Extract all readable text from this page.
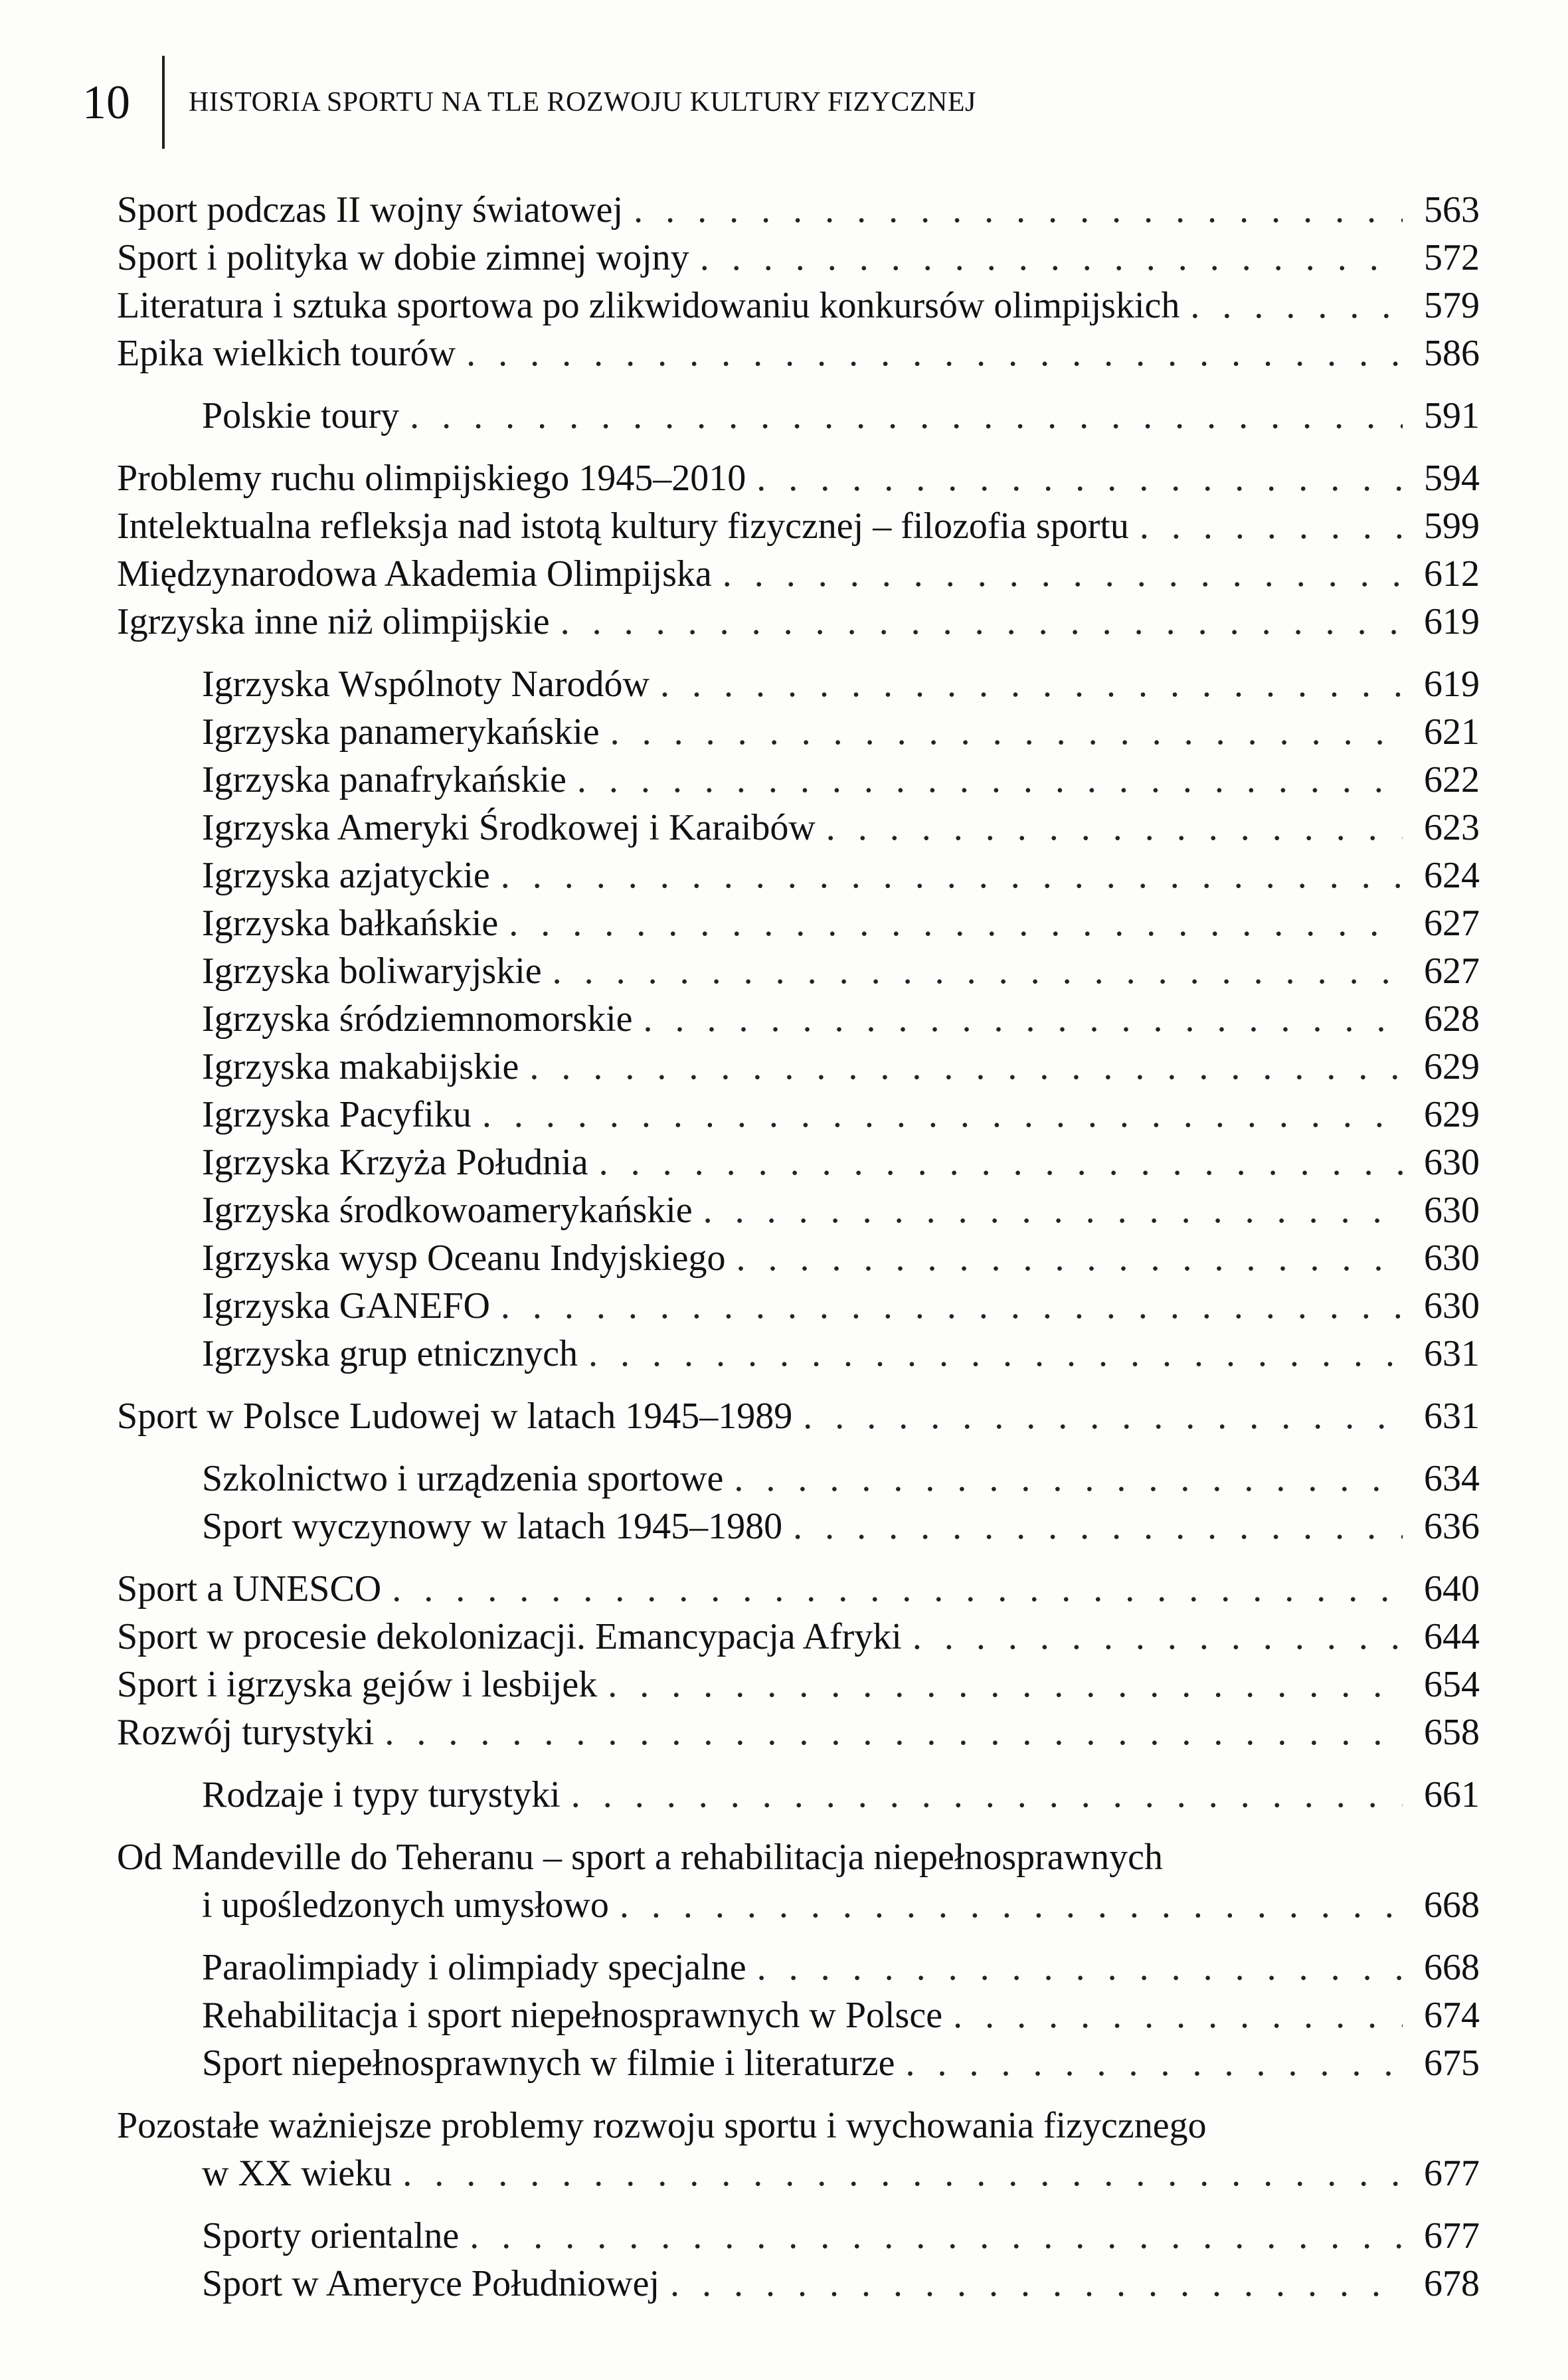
10	HISTORIA SPORTU NA TLE ROZWOJU KULTURY FIZYCZNEJ
Sport podczas II wojny światowej . . .	563
Sport i polityka w dobie zimnej wojny . . .	572
Literatura i sztuka sportowa po zlikwidowaniu konkursów olimpijskich . . .	579
Epika wielkich tourów . . .	586
Polskie toury . . .	591
Problemy ruchu olimpijskiego 1945–2010 . . .	594
Intelektualna refleksja nad istotą kultury fizycznej – filozofia sportu . . .	599
Międzynarodowa Akademia Olimpijska . . .	612
Igrzyska inne niż olimpijskie . . .	619
Igrzyska Wspólnoty Narodów . . .	619
Igrzyska panamerykańskie . . .	621
Igrzyska panafrykańskie . . .	622
Igrzyska Ameryki Środkowej i Karaibów . . .	623
Igrzyska azjatyckie . . .	624
Igrzyska bałkańskie . . .	627
Igrzyska boliwaryjskie . . .	627
Igrzyska śródziemnomorskie . . .	628
Igrzyska makabijskie . . .	629
Igrzyska Pacyfiku . . .	629
Igrzyska Krzyża Południa . . .	630
Igrzyska środkowoamerykańskie . . .	630
Igrzyska wysp Oceanu Indyjskiego . . .	630
Igrzyska GANEFO . . .	630
Igrzyska grup etnicznych . . .	631
Sport w Polsce Ludowej w latach 1945–1989 . . .	631
Szkolnictwo i urządzenia sportowe . . .	634
Sport wyczynowy w latach 1945–1980 . . .	636
Sport a UNESCO . . .	640
Sport w procesie dekolonizacji. Emancypacja Afryki . . .	644
Sport i igrzyska gejów i lesbijek . . .	654
Rozwój turystyki . . .	658
Rodzaje i typy turystyki . . .	661
Od Mandeville do Teheranu – sport a rehabilitacja niepełnosprawnych
i upośledzonych umysłowo . . .	668
Paraolimpiady i olimpiady specjalne . . .	668
Rehabilitacja i sport niepełnosprawnych w Polsce . . .	674
Sport niepełnosprawnych w filmie i literaturze . . .	675
Pozostałe ważniejsze problemy rozwoju sportu i wychowania fizycznego
w XX wieku . . .	677
Sporty orientalne . . .	677
Sport w Ameryce Południowej . . .	678
